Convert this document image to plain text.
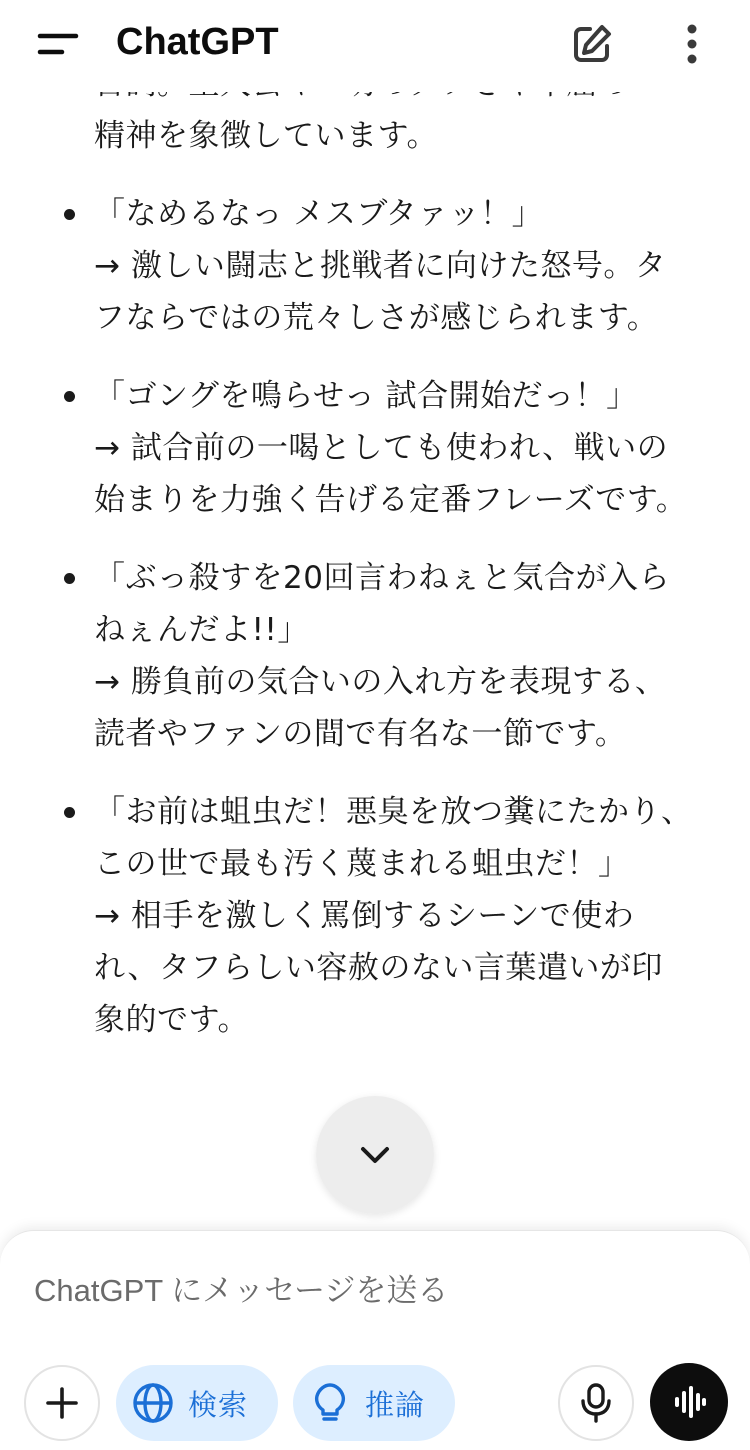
ChatGPT
精神を象徴しています。

「なめるなっ メスブタァッ！」

→ 激しい闘志と挑戦者に向けた怒号。タフならではの荒々しさが感じられます。

「ゴングを鳴らせっ 試合開始だっ！」

→ 試合前の一喝としても使われ、戦いの始まりを力強く告げる定番フレーズです。

「ぶっ殺すを20回言わねぇと気合が入らねぇんだよ!!」

→ 勝負前の気合いの入れ方を表現する、読者やファンの間で有名な一節です。

「お前は蛆虫だ！悪臭を放つ糞にたかり、この世で最も汚く蔑まれる蛆虫だ！」

→ 相手を激しく罵倒するシーンで使われ、タフらしい容赦のない言葉遣いが印象的です。

ChatGPT にメッセージを送る
検索	推論
